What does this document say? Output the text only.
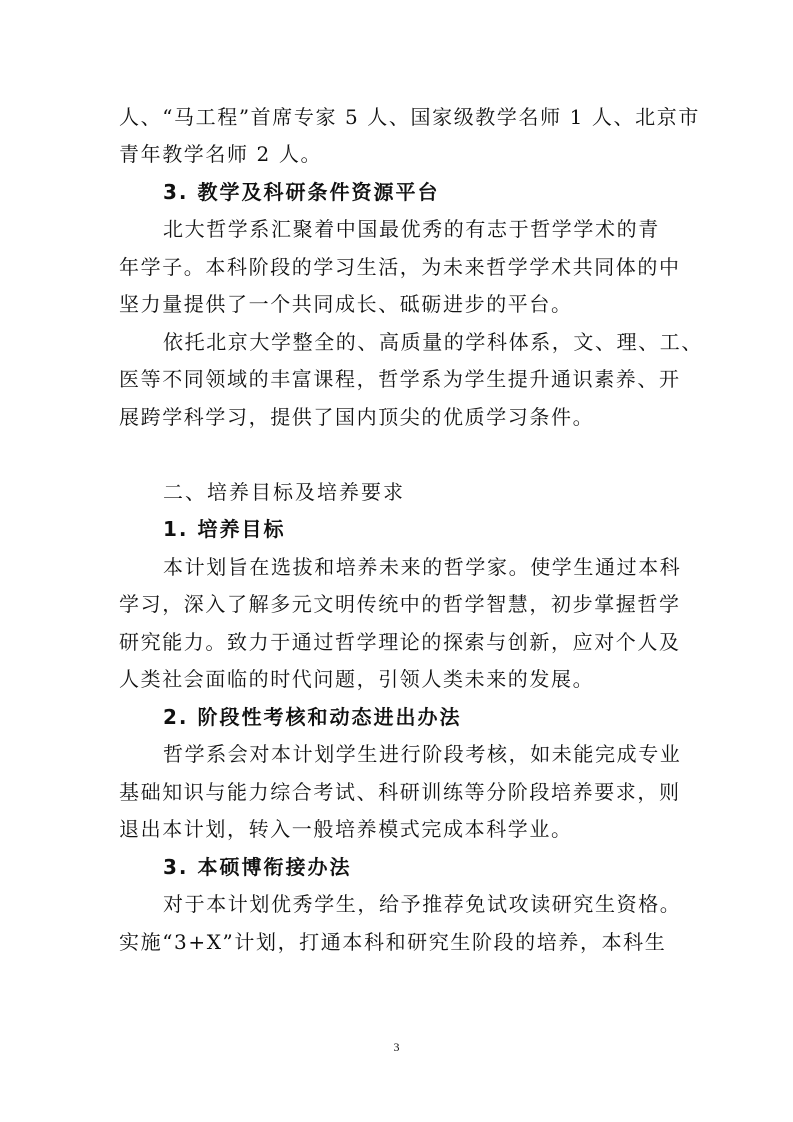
人、“马工程”首席专家 5 人、国家级教学名师 1 人、北京市
青年教学名师 2 人。
3. 教学及科研条件资源平台
北大哲学系汇聚着中国最优秀的有志于哲学学术的青
年学子。本科阶段的学习生活，为未来哲学学术共同体的中
坚力量提供了一个共同成长、砥砺进步的平台。
依托北京大学整全的、高质量的学科体系，文、理、工、
医等不同领域的丰富课程，哲学系为学生提升通识素养、开
展跨学科学习，提供了国内顶尖的优质学习条件。
二、培养目标及培养要求
1. 培养目标
本计划旨在选拔和培养未来的哲学家。使学生通过本科
学习，深入了解多元文明传统中的哲学智慧，初步掌握哲学
研究能力。致力于通过哲学理论的探索与创新，应对个人及
人类社会面临的时代问题，引领人类未来的发展。
2. 阶段性考核和动态进出办法
哲学系会对本计划学生进行阶段考核，如未能完成专业
基础知识与能力综合考试、科研训练等分阶段培养要求，则
退出本计划，转入一般培养模式完成本科学业。
3. 本硕博衔接办法
对于本计划优秀学生，给予推荐免试攻读研究生资格。
实施“3+X”计划，打通本科和研究生阶段的培养，本科生
3
